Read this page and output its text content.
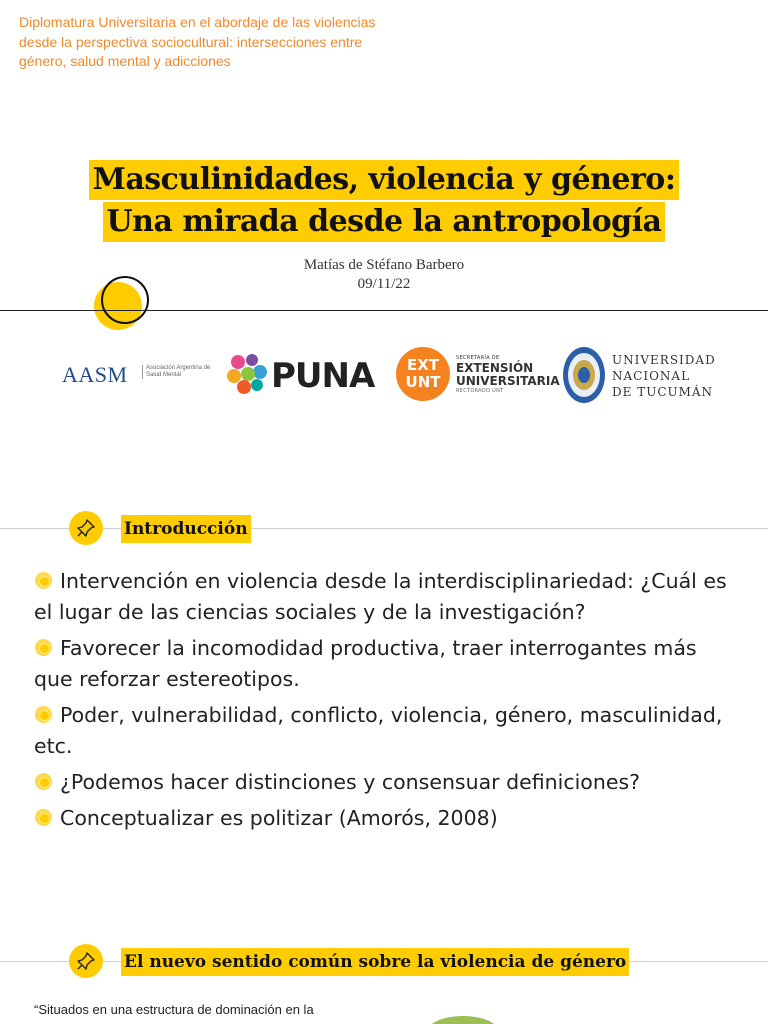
Diplomatura Universitaria en el abordaje de las violencias desde la perspectiva sociocultural: intersecciones entre género, salud mental y adicciones
Masculinidades, violencia y género:
Una mirada desde la antropología
Matías de Stéfano Barbero
09/11/22
AASM	Asociación Argentina de Salud Mental	PUNA	EXT
UNT
SECRETARÍA DE
EXTENSIÓN
UNIVERSITARIA
RECTORADO UNT
UNIVERSIDAD
NACIONAL
DE TUCUMÁN
Introducción
Intervención en violencia desde la interdisciplinariedad: ¿Cuál es el lugar de las ciencias sociales y de la investigación?
Favorecer la incomodidad productiva, traer interrogantes más que reforzar estereotipos.
Poder, vulnerabilidad, conflicto, violencia, género, masculinidad, etc.
¿Podemos hacer distinciones y consensuar definiciones?
Conceptualizar es politizar (Amorós, 2008)
El nuevo sentido común sobre la violencia de género
“Situados en una estructura de dominación en la
